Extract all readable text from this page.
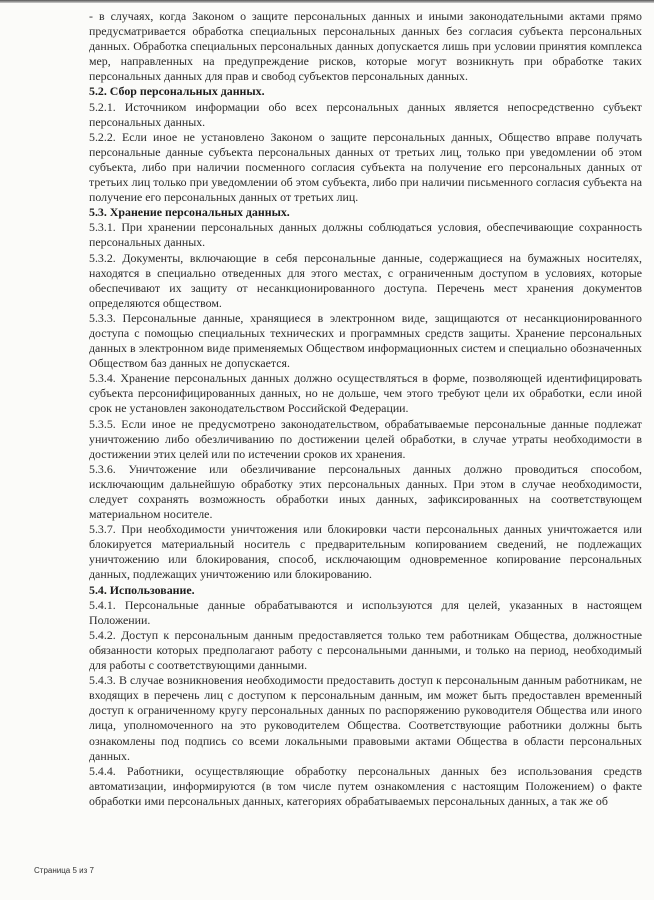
- в случаях, когда Законом о защите персональных данных и иными законодательными актами прямо предусматривается обработка специальных персональных данных без согласия субъекта персональных данных. Обработка специальных персональных данных допускается лишь при условии принятия комплекса мер, направленных на предупреждение рисков, которые могут возникнуть при обработке таких персональных данных для прав и свобод субъектов персональных данных.

5.2. Сбор персональных данных.

5.2.1. Источником информации обо всех персональных данных является непосредственно субъект персональных данных.

5.2.2. Если иное не установлено Законом о защите персональных данных, Общество вправе получать персональные данные субъекта персональных данных от третьих лиц, только при уведомлении об этом субъекта, либо при наличии посменного согласия субъекта на получение его персональных данных от третьих лиц только при уведомлении об этом субъекта, либо при наличии письменного согласия субъекта на получение его персональных данных от третьих лиц.

5.3. Хранение персональных данных.

5.3.1. При хранении персональных данных должны соблюдаться условия, обеспечивающие сохранность персональных данных.

5.3.2. Документы, включающие в себя персональные данные, содержащиеся на бумажных носителях, находятся в специально отведенных для этого местах, с ограниченным доступом в условиях, которые обеспечивают их защиту от несанкционированного доступа. Перечень мест хранения документов определяются обществом.

5.3.3. Персональные данные, хранящиеся в электронном виде, защищаются от несанкционированного доступа с помощью специальных технических и программных средств защиты. Хранение персональных данных в электронном виде применяемых Обществом информационных систем и специально обозначенных Обществом баз данных не допускается.

5.3.4. Хранение персональных данных должно осуществляться в форме, позволяющей идентифицировать субъекта персонифицированных данных, но не дольше, чем этого требуют цели их обработки, если иной срок не установлен законодательством Российской Федерации.

5.3.5. Если иное не предусмотрено законодательством, обрабатываемые персональные данные подлежат уничтожению либо обезличиванию по достижении целей обработки, в случае утраты необходимости в достижении этих целей или по истечении сроков их хранения.

5.3.6. Уничтожение или обезличивание персональных данных должно проводиться способом, исключающим дальнейшую обработку этих персональных данных. При этом в случае необходимости, следует сохранять возможность обработки иных данных, зафиксированных на соответствующем материальном носителе.

5.3.7. При необходимости уничтожения или блокировки части персональных данных уничтожается или блокируется материальный носитель с предварительным копированием сведений, не подлежащих уничтожению или блокирования, способ, исключающим одновременное копирование персональных данных, подлежащих уничтожению или блокированию.

5.4. Использование.

5.4.1. Персональные данные обрабатываются и используются для целей, указанных в настоящем Положении.

5.4.2. Доступ к персональным данным предоставляется только тем работникам Общества, должностные обязанности которых предполагают работу с персональными данными, и только на период, необходимый для работы с соответствующими данными.

5.4.3. В случае возникновения необходимости предоставить доступ к персональным данным работникам, не входящих в перечень лиц с доступом к персональным данным, им может быть предоставлен временный доступ к ограниченному кругу персональных данных по распоряжению руководителя Общества или иного лица, уполномоченного на это руководителем Общества. Соответствующие работники должны быть ознакомлены под подпись со всеми локальными правовыми актами Общества в области персональных данных.

5.4.4. Работники, осуществляющие обработку персональных данных без использования средств автоматизации, информируются (в том числе путем ознакомления с настоящим Положением) о факте обработки ими персональных данных, категориях обрабатываемых персональных данных, а так же об

Страница 5 из 7
